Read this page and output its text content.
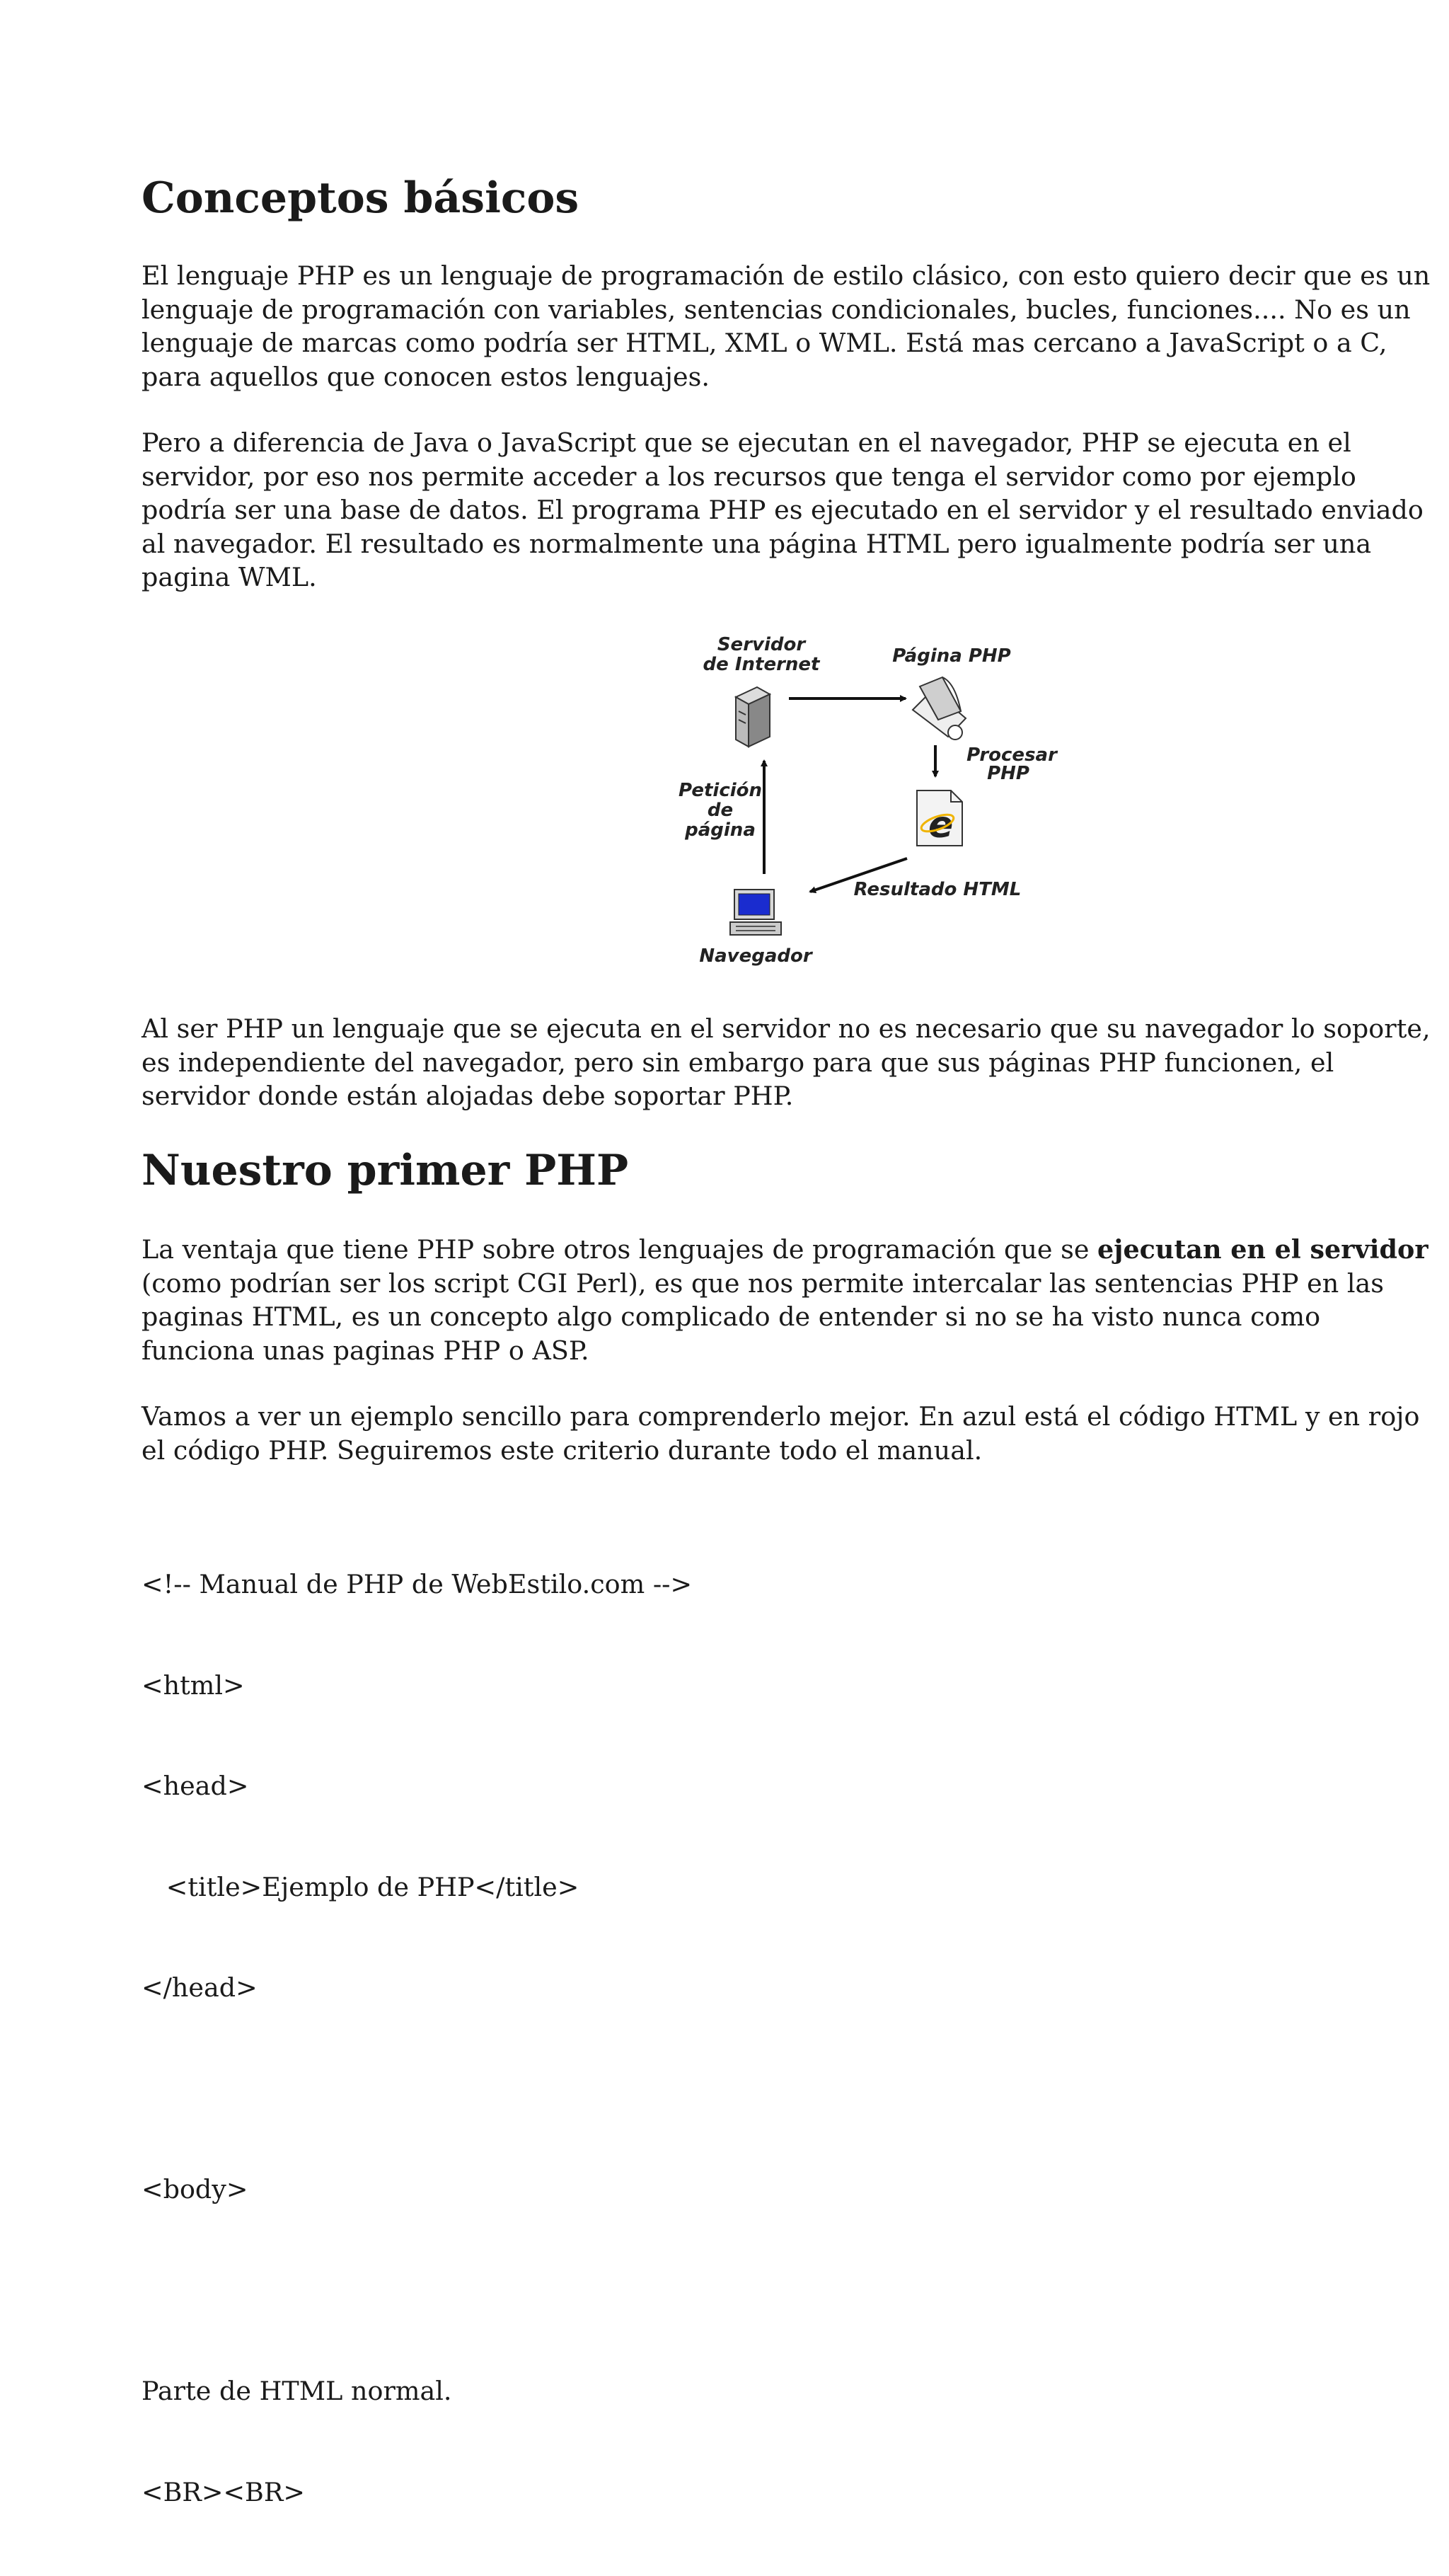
Conceptos básicos
El lenguaje PHP es un lenguaje de programación de estilo clásico, con esto quiero decir que es un
lenguaje de programación con variables, sentencias condicionales, bucles, funciones.... No es un
lenguaje de marcas como podría ser HTML, XML o WML. Está mas cercano a JavaScript o a C,
para aquellos que conocen estos lenguajes.
Pero a diferencia de Java o JavaScript que se ejecutan en el navegador, PHP se ejecuta en el
servidor, por eso nos permite acceder a los recursos que tenga el servidor como por ejemplo
podría ser una base de datos. El programa PHP es ejecutado en el servidor y el resultado enviado
al navegador. El resultado es normalmente una página HTML pero igualmente podría ser una
pagina WML.
Servidor
de Internet	Página PHP
Procesar
PHP
e
Resultado HTML
Navegador
Petición
de
página
Al ser PHP un lenguaje que se ejecuta en el servidor no es necesario que su navegador lo soporte,
es independiente del navegador, pero sin embargo para que sus páginas PHP funcionen, el
servidor donde están alojadas debe soportar PHP.
Nuestro primer PHP
La ventaja que tiene PHP sobre otros lenguajes de programación que se ejecutan en el servidor
(como podrían ser los script CGI Perl), es que nos permite intercalar las sentencias PHP en las
paginas HTML, es un concepto algo complicado de entender si no se ha visto nunca como
funciona unas paginas PHP o ASP.
Vamos a ver un ejemplo sencillo para comprenderlo mejor. En azul está el código HTML y en rojo
el código PHP. Seguiremos este criterio durante todo el manual.

<!-- Manual de PHP de WebEstilo.com -->

<html>

<head>

<title>Ejemplo de PHP</title>

</head>

<body>

Parte de HTML normal.

<BR><BR>
